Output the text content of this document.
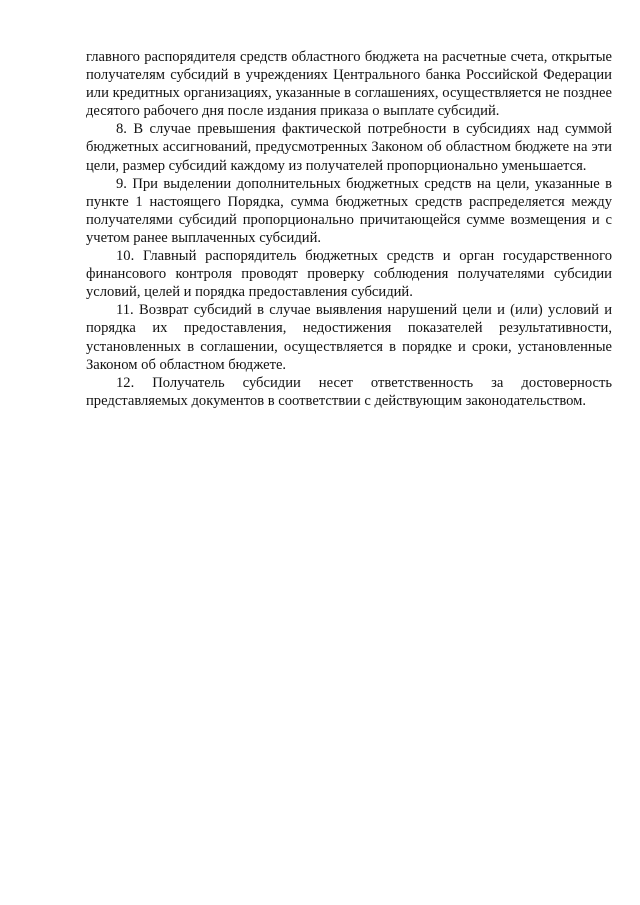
главного распорядителя средств областного бюджета на расчетные счета, открытые получателям субсидий в учреждениях Центрального банка Российской Федерации или кредитных организациях, указанные в соглашениях, осуществляется не позднее десятого рабочего дня после издания приказа о выплате субсидий.

8. В случае превышения фактической потребности в субсидиях над суммой бюджетных ассигнований, предусмотренных Законом об областном бюджете на эти цели, размер субсидий каждому из получателей пропорционально уменьшается.

9. При выделении дополнительных бюджетных средств на цели, указанные в пункте 1 настоящего Порядка, сумма бюджетных средств распределяется между получателями субсидий пропорционально причитающейся сумме возмещения и с учетом ранее выплаченных субсидий.

10. Главный распорядитель бюджетных средств и орган государственного финансового контроля проводят проверку соблюдения получателями субсидии условий, целей и порядка предоставления субсидий.

11. Возврат субсидий в случае выявления нарушений цели и (или) условий и порядка их предоставления, недостижения показателей результативности, установленных в соглашении, осуществляется в порядке и сроки, установленные Законом об областном бюджете.

12. Получатель субсидии несет ответственность за достоверность представляемых документов в соответствии с действующим законодательством.
